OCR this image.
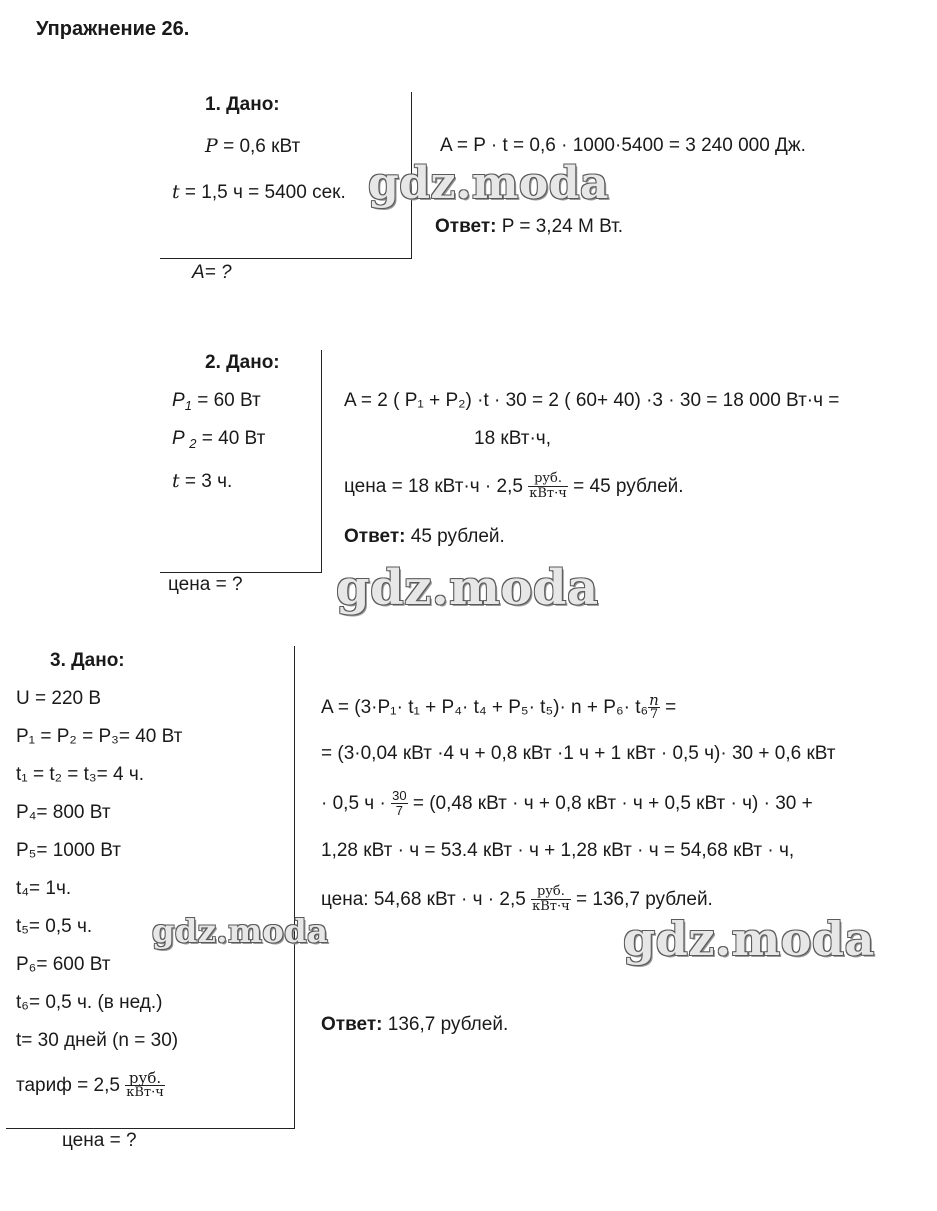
Упражнение 26.
1. Дано:
P = 0,6 кВт
t = 1,5 ч = 5400 сек.
А= ?
A = P · t = 0,6 · 1000·5400 = 3 240 000 Дж.
Ответ: P = 3,24 М Вт.
2. Дано:
$P_1 = 60$ Вт
P $_2$ = 40 Вт
t = 3 ч.
цена = ?
A = 2 ( P₁ + P₂) ·t · 30 = 2 ( 60+ 40) ·3 · 30 = 18 000 Вт·ч =
18 кВт·ч,
цена = 18 $кВт\cdot ч \cdot 2,5 \frac{\text{руб.}}{\text{кВт·ч}} = 45$ рублей.
Ответ: 45 рублей.
3. Дано:
U = 220 В
P₁ = P₂ = P₃= 40 Вт
t₁ = t₂ = t₃= 4 ч.
P₄= 800 Вт
P₅= 1000 Вт
t₄= 1ч.
t₅= 0,5 ч.
P₆= 600 Вт
t₆= 0,5 ч. (в нед.)
t= 30 дней (n = 30)
тариф = $2,5 \frac{\text{руб.}}{\text{кВт·ч}}$
цена = ?
$A = (3\cdot P_1\cdot t_1 + P_4\cdot t_4 + P_5\cdot t_5)\cdot n + P_6\cdot t_6 \frac{n}{7}$ =
= (3·0,04 кВт ·4 ч + 0,8 кВт ·1 ч + 1 кВт · 0,5 ч)· 30 + 0,6 кВт
· 0,5 $ч \cdot \frac{30}{7} = (0,48$ кВт · ч + 0,8 кВт · ч + 0,5 кВт · ч) · 30 +
1,28 кВт · ч = 53.4 кВт · ч + 1,28 кВт · ч = 54,68 кВт · ч,
цена: 54,68 кВт · $ч \cdot 2,5 \frac{\text{руб.}}{\text{кВт·ч}} = 136,7$ рублей.
Ответ: 136,7 рублей.
gdz.moda
gdz.moda
gdz.moda	gdz.moda
